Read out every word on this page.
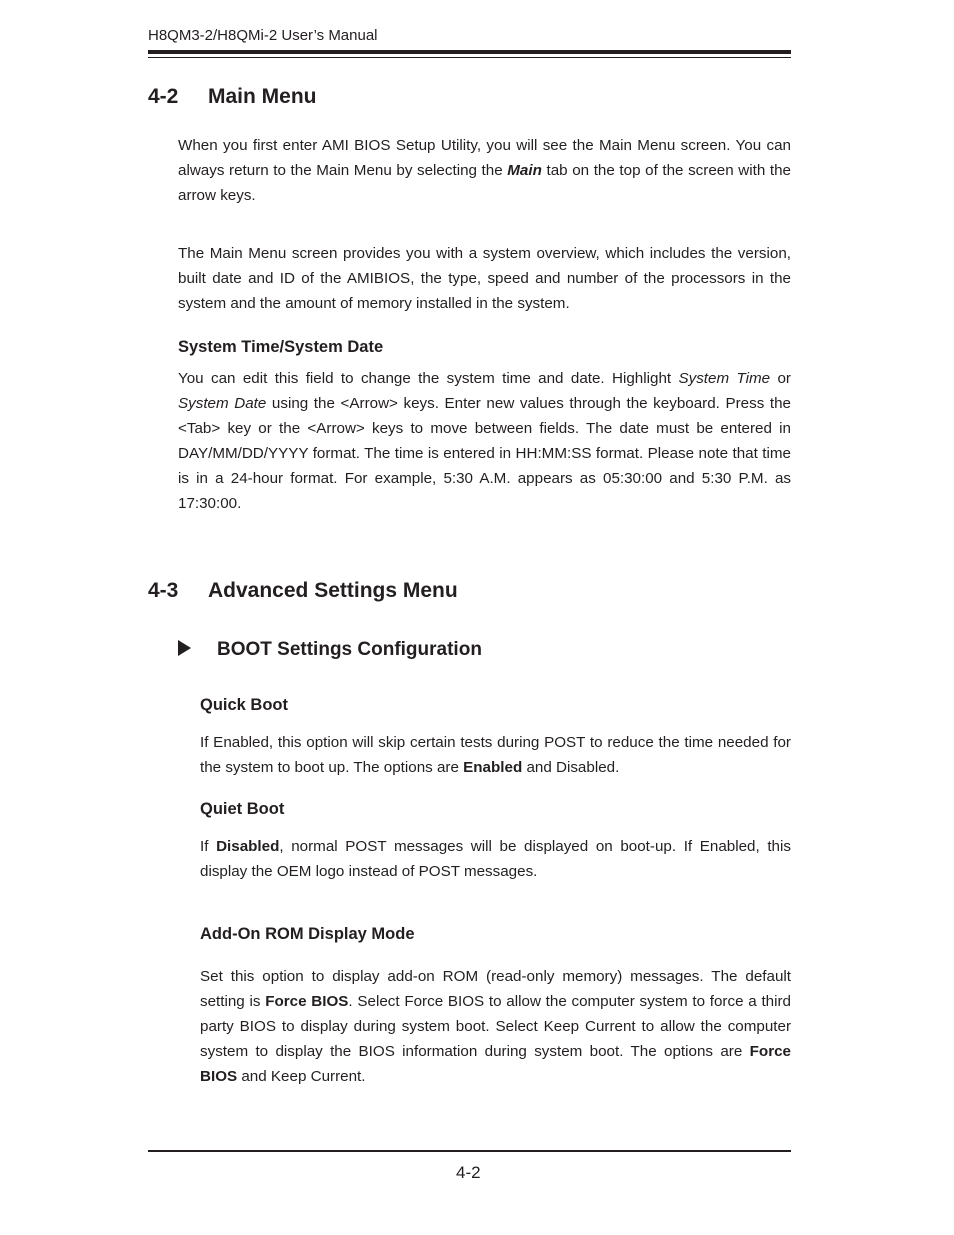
H8QM3-2/H8QMi-2 User’s Manual
4-2 Main Menu
When you first enter AMI BIOS Setup Utility, you will see the Main Menu screen. You can always return to the Main Menu by selecting the Main tab on the top of the screen with the arrow keys.
The Main Menu screen provides you with a system overview, which includes the version, built date and ID of the AMIBIOS, the type, speed and number of the processors in the system and the amount of memory installed in the system.
System Time/System Date
You can edit this field to change the system time and date. Highlight System Time or System Date using the <Arrow> keys. Enter new values through the keyboard. Press the <Tab> key or the <Arrow> keys to move between fields. The date must be entered in DAY/MM/DD/YYYY format. The time is entered in HH:MM:SS format. Please note that time is in a 24-hour format. For example, 5:30 A.M. appears as 05:30:00 and 5:30 P.M. as 17:30:00.
4-3 Advanced Settings Menu
BOOT Settings Configuration
Quick Boot
If Enabled, this option will skip certain tests during POST to reduce the time needed for the system to boot up. The options are Enabled and Disabled.
Quiet Boot
If Disabled, normal POST messages will be displayed on boot-up. If Enabled, this display the OEM logo instead of POST messages.
Add-On ROM Display Mode
Set this option to display add-on ROM (read-only memory) messages. The default setting is Force BIOS. Select Force BIOS to allow the computer system to force a third party BIOS to display during system boot. Select Keep Current to allow the computer system to display the BIOS information during system boot. The options are Force BIOS and Keep Current.
4-2
